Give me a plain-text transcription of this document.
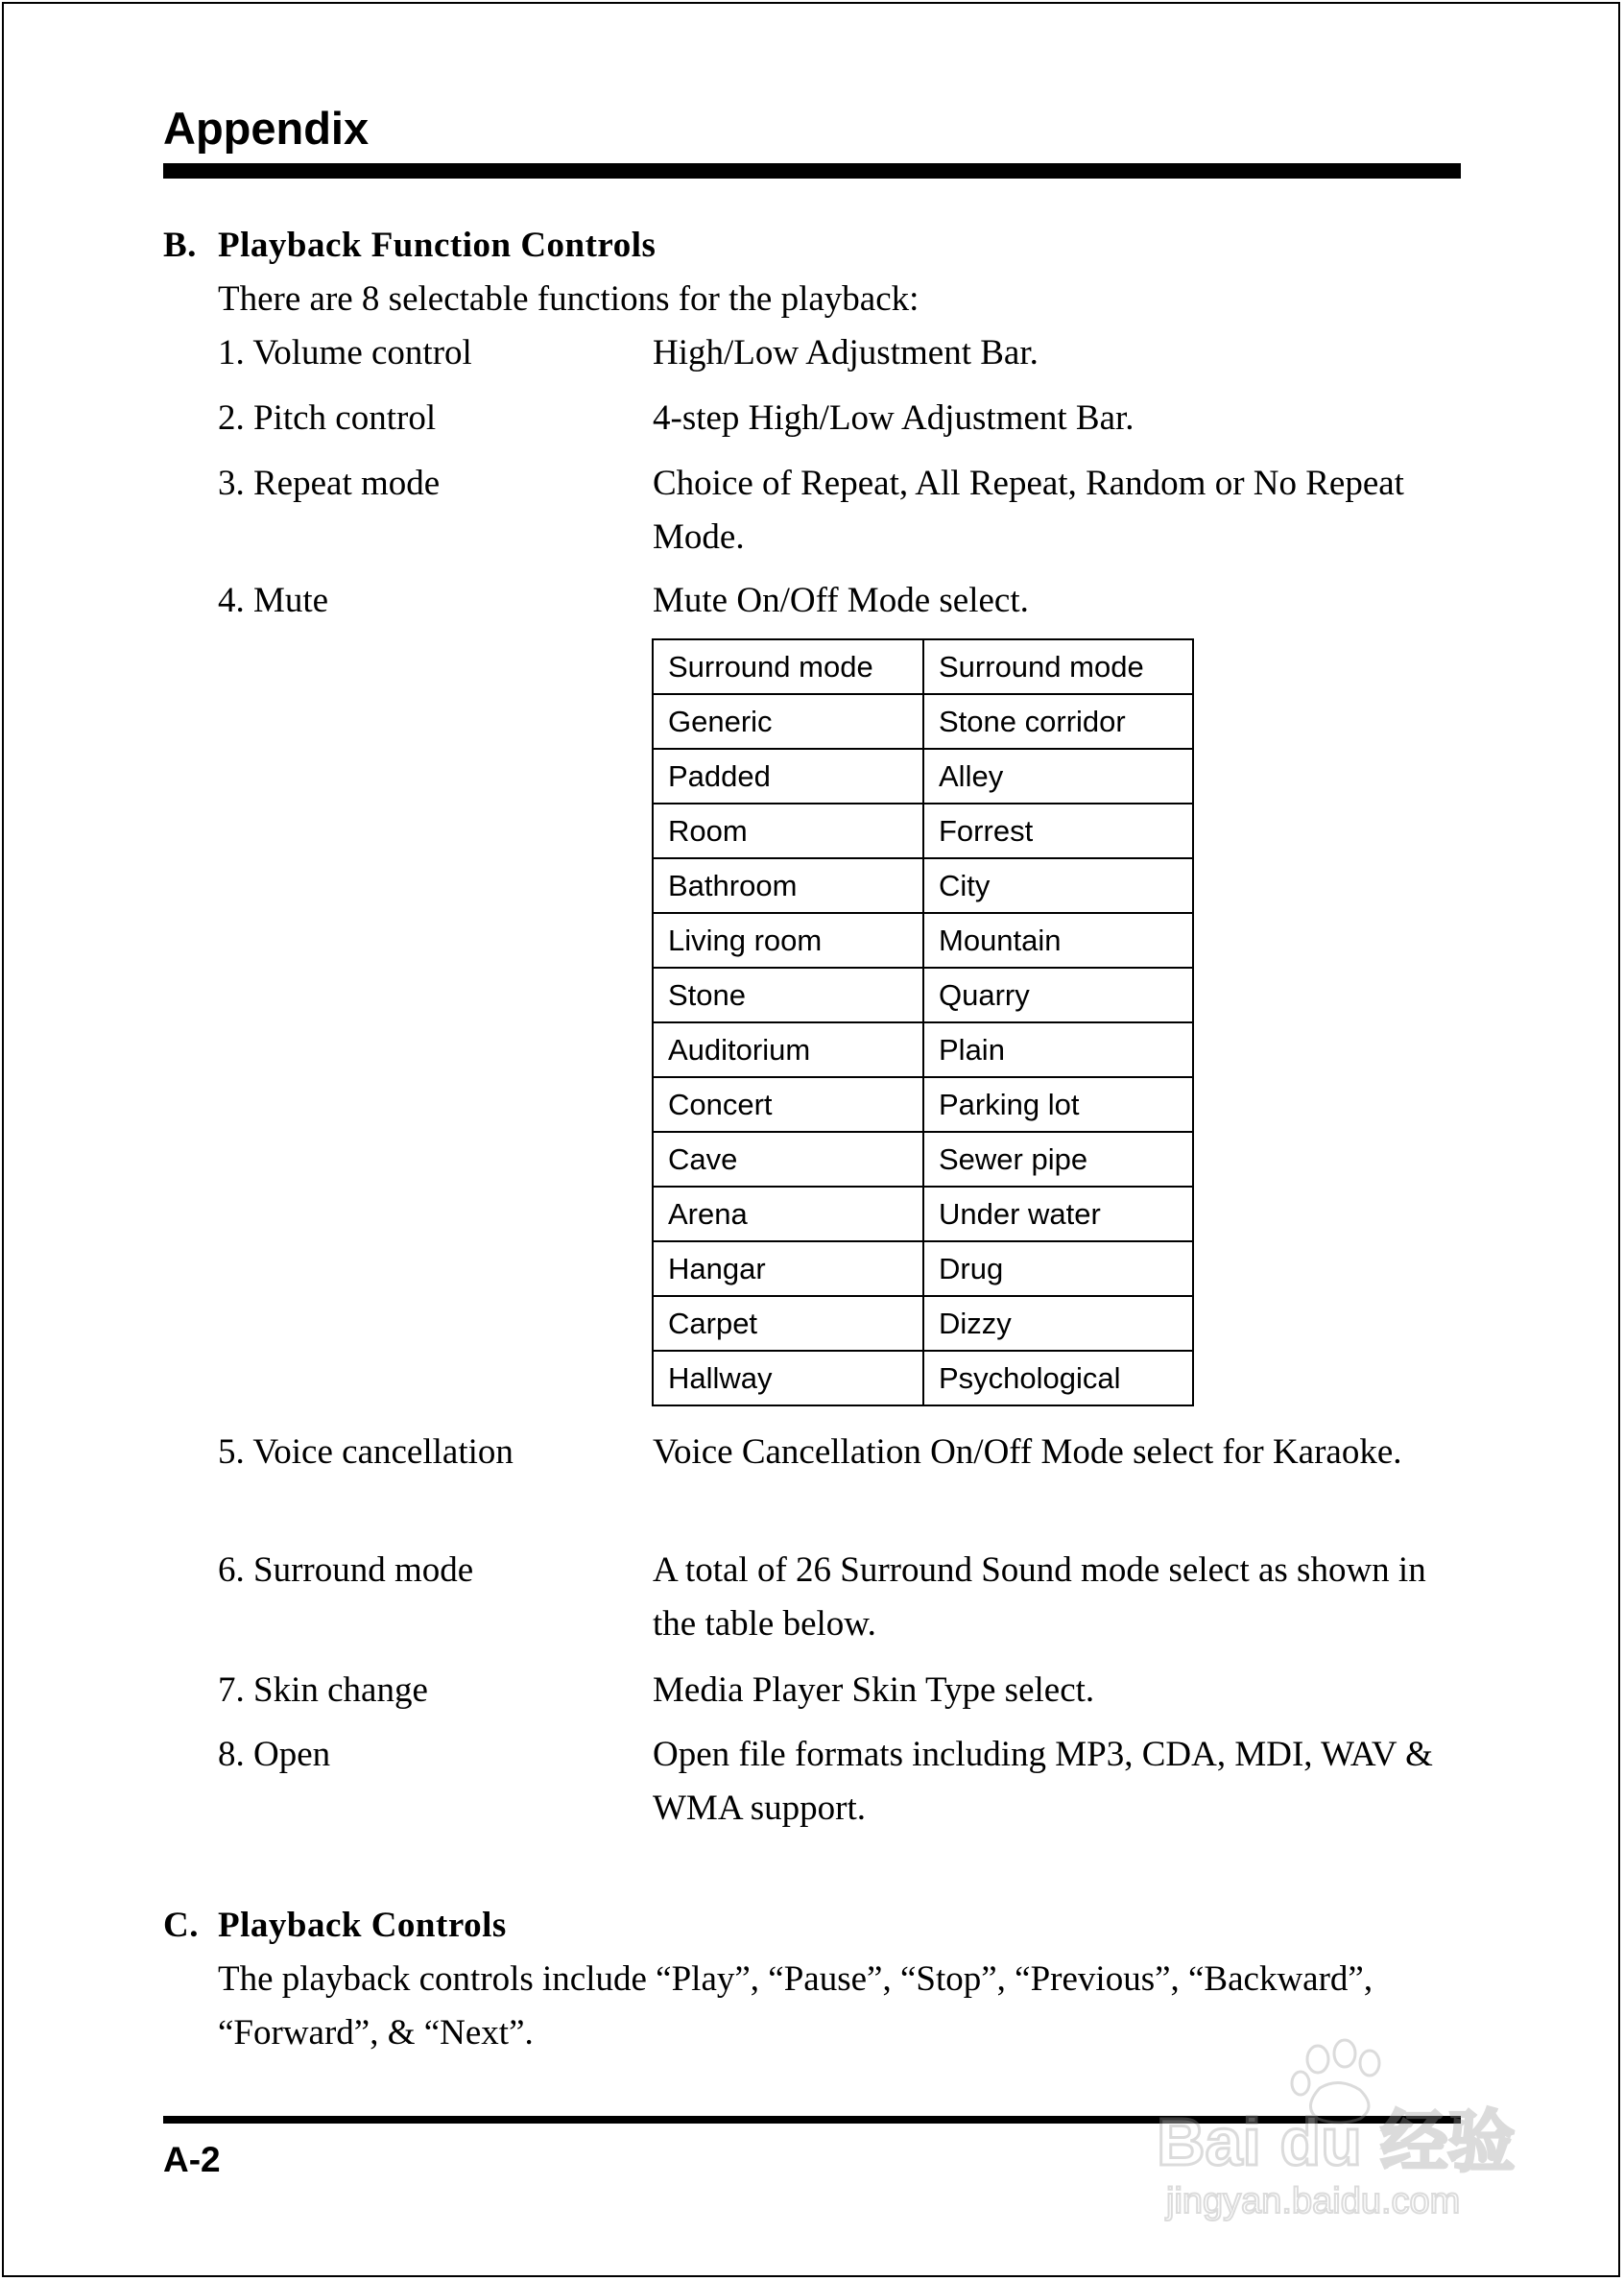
Appendix
B. Playback Function Controls

There are 8 selectable functions for the playback:

1. Volume control	High/Low Adjustment Bar.
2. Pitch control	4-step High/Low Adjustment Bar.
3. Repeat mode	Choice of Repeat, All Repeat, Random or No Repeat Mode.
4. Mute	Mute On/Off Mode select.
Surround mode	Surround mode
Generic	Stone corridor
Padded	Alley
Room	Forrest
Bathroom	City
Living room	Mountain
Stone	Quarry
Auditorium	Plain
Concert	Parking lot
Cave	Sewer pipe
Arena	Under water
Hangar	Drug
Carpet	Dizzy
Hallway	Psychological
5. Voice cancellation	Voice Cancellation On/Off Mode select for Karaoke.
6. Surround mode	A total of 26 Surround Sound mode select as shown in the table below.
7. Skin change	Media Player Skin Type select.
8. Open	Open file formats including MP3, CDA, MDI, WAV & WMA support.
C. Playback Controls

The playback controls include “Play”, “Pause”, “Stop”, “Previous”, “Backward”, “Forward”, & “Next”.

A-2	Bai du 经验
jingyan.baidu.com
